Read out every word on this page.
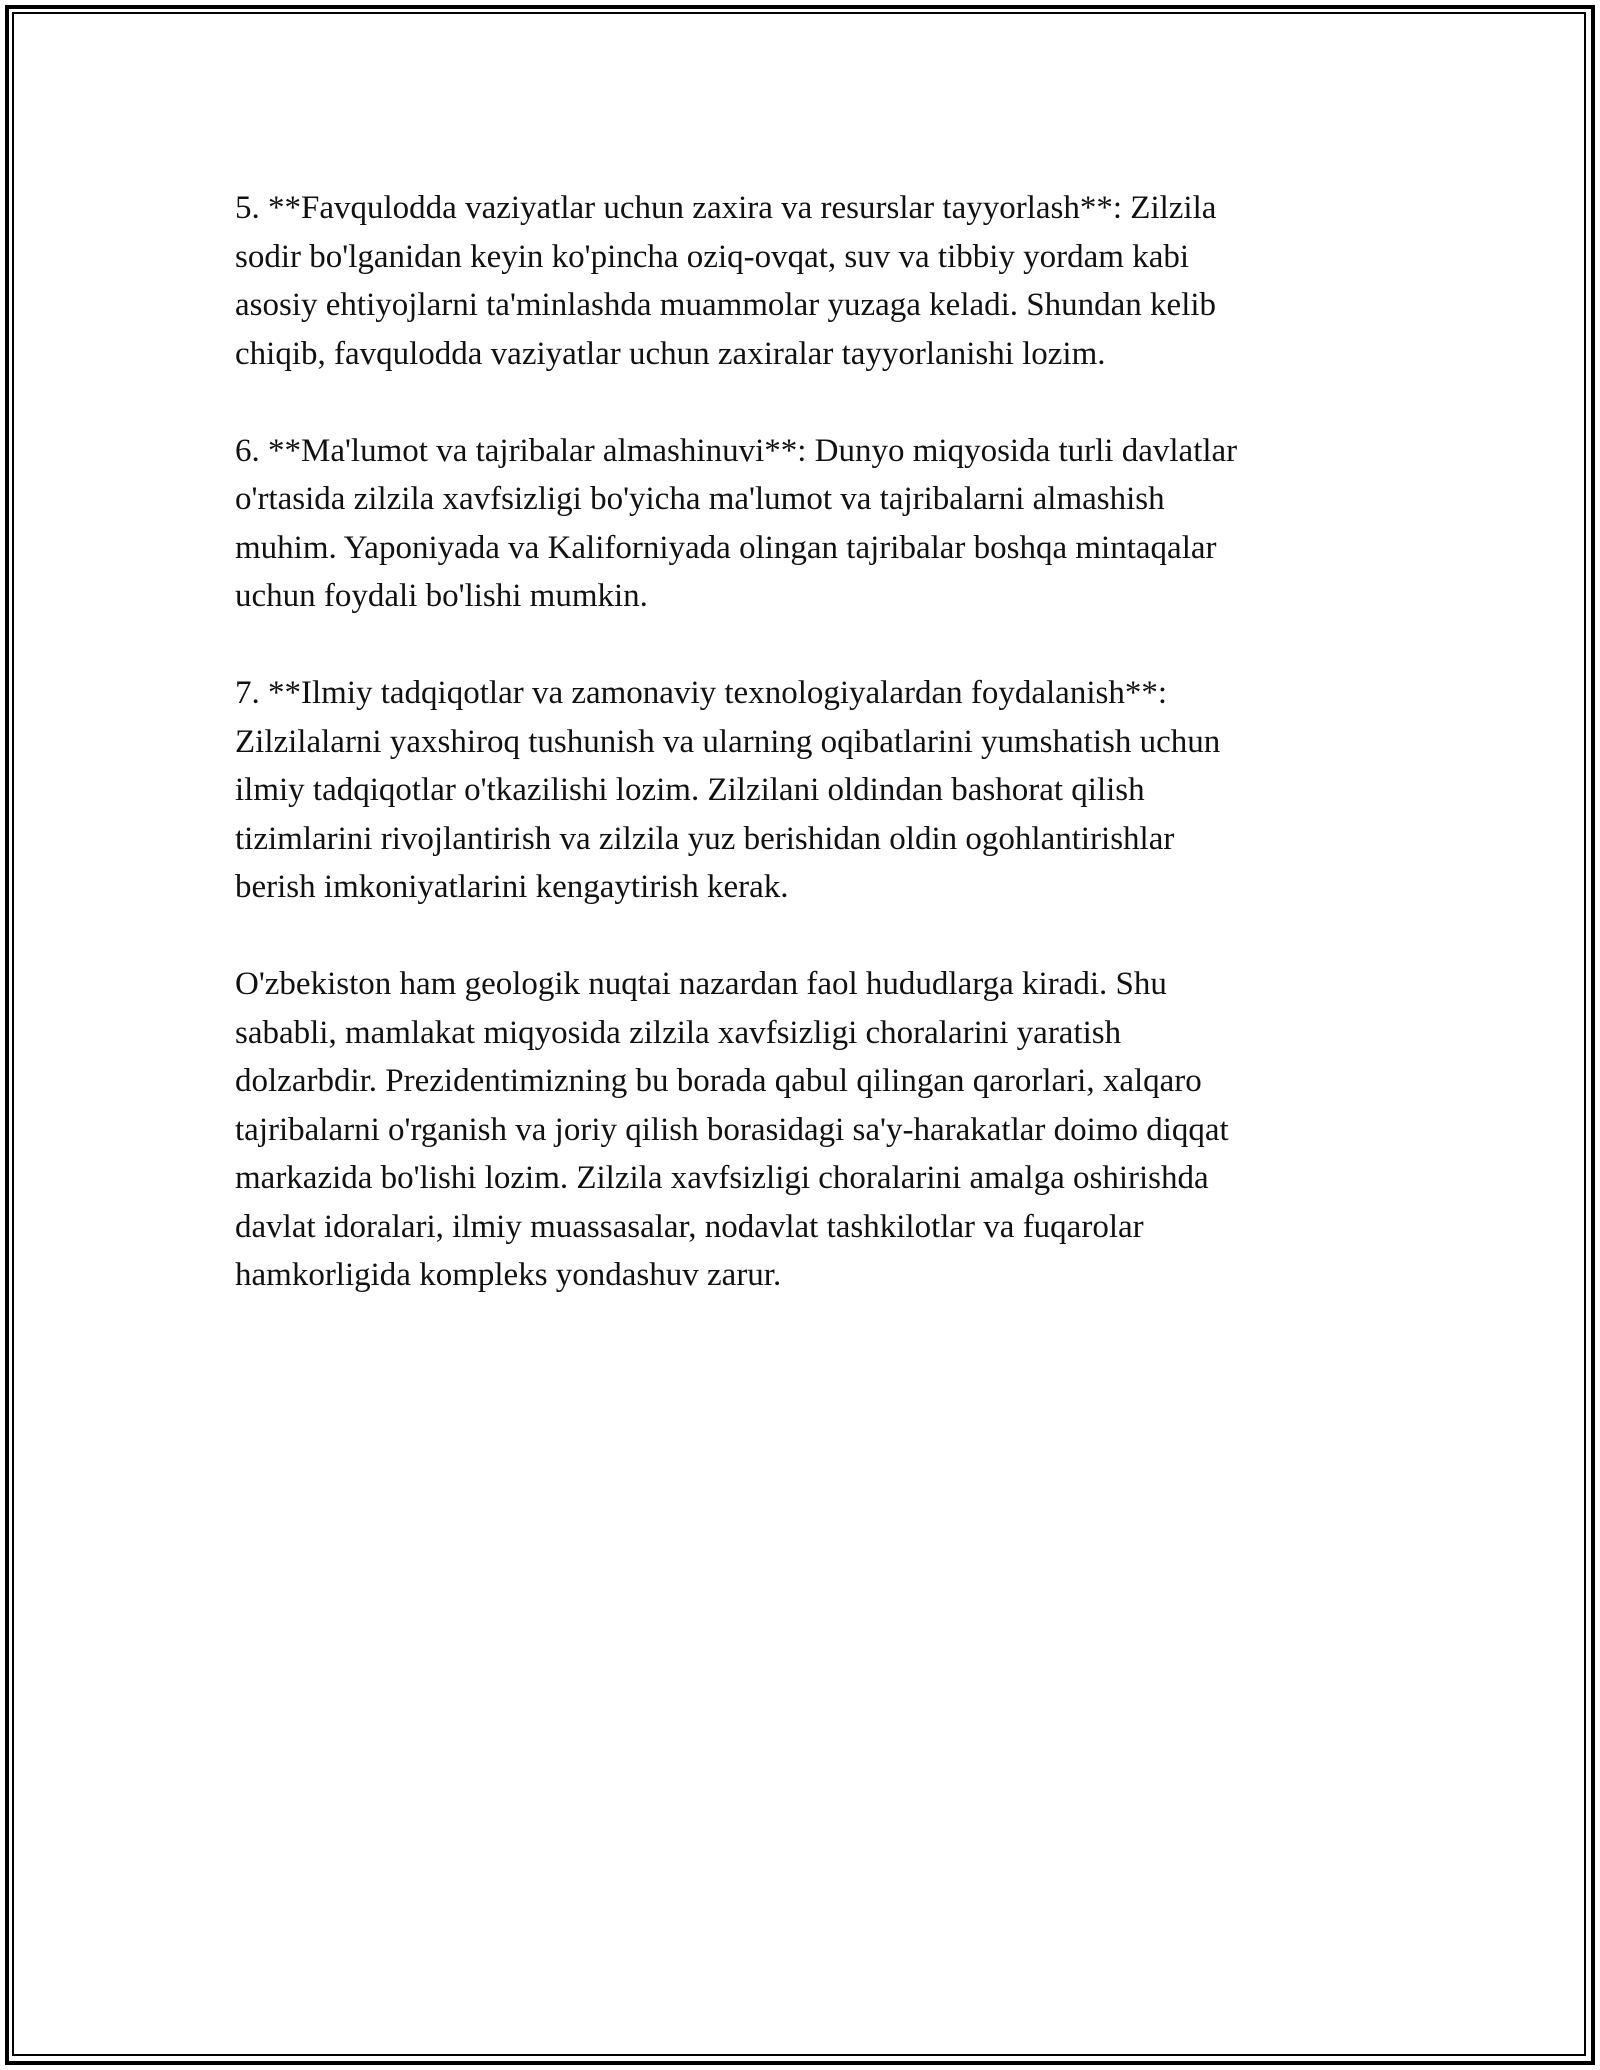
5. **Favqulodda vaziyatlar uchun zaxira va resurslar tayyorlash**: Zilzila
sodir bo'lganidan keyin ko'pincha oziq-ovqat, suv va tibbiy yordam kabi
asosiy ehtiyojlarni ta'minlashda muammolar yuzaga keladi. Shundan kelib
chiqib, favqulodda vaziyatlar uchun zaxiralar tayyorlanishi lozim.

6. **Ma'lumot va tajribalar almashinuvi**: Dunyo miqyosida turli davlatlar
o'rtasida zilzila xavfsizligi bo'yicha ma'lumot va tajribalarni almashish
muhim. Yaponiyada va Kaliforniyada olingan tajribalar boshqa mintaqalar
uchun foydali bo'lishi mumkin.

7. **Ilmiy tadqiqotlar va zamonaviy texnologiyalardan foydalanish**:
Zilzilalarni yaxshiroq tushunish va ularning oqibatlarini yumshatish uchun
ilmiy tadqiqotlar o'tkazilishi lozim. Zilzilani oldindan bashorat qilish
tizimlarini rivojlantirish va zilzila yuz berishidan oldin ogohlantirishlar
berish imkoniyatlarini kengaytirish kerak.

O'zbekiston ham geologik nuqtai nazardan faol hududlarga kiradi. Shu
sababli, mamlakat miqyosida zilzila xavfsizligi choralarini yaratish
dolzarbdir. Prezidentimizning bu borada qabul qilingan qarorlari, xalqaro
tajribalarni o'rganish va joriy qilish borasidagi sa'y-harakatlar doimo diqqat
markazida bo'lishi lozim. Zilzila xavfsizligi choralarini amalga oshirishda
davlat idoralari, ilmiy muassasalar, nodavlat tashkilotlar va fuqarolar
hamkorligida kompleks yondashuv zarur.
